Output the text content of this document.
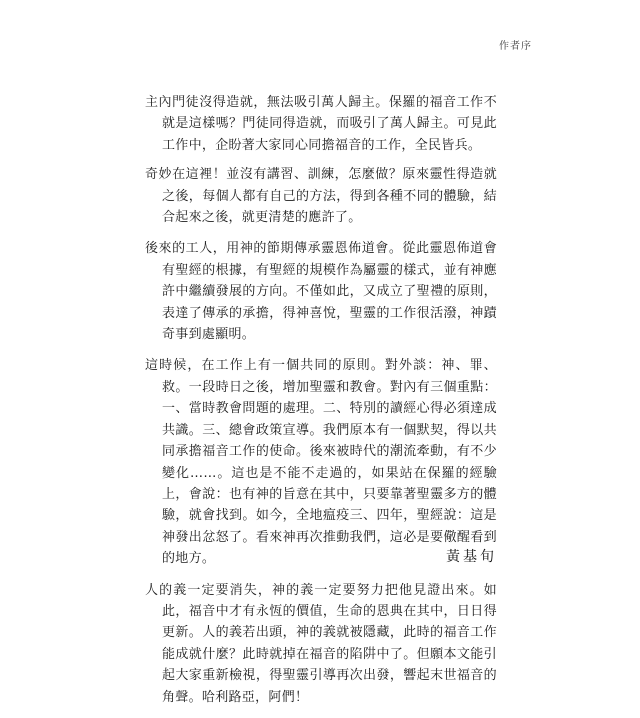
作者序

主內門徒沒得造就，無法吸引萬人歸主。保羅的福音工作不就是這樣嗎？門徒同得造就，而吸引了萬人歸主。可見此工作中，企盼著大家同心同擔福音的工作，全民皆兵。

奇妙在這裡！並沒有講習、訓練，怎麼做？原來靈性得造就之後，每個人都有自己的方法，得到各種不同的體驗，結合起來之後，就更清楚的應許了。

後來的工人，用神的節期傳承靈恩佈道會。從此靈恩佈道會有聖經的根據，有聖經的規模作為屬靈的樣式，並有神應許中繼續發展的方向。不僅如此，又成立了聖禮的原則，表達了傳承的承擔，得神喜悅，聖靈的工作很活潑，神蹟奇事到處顯明。

這時候，在工作上有一個共同的原則。對外談：神、罪、救。一段時日之後，增加聖靈和教會。對內有三個重點：一、當時教會問題的處理。二、特別的讀經心得必須達成共識。三、總會政策宣導。我們原本有一個默契，得以共同承擔福音工作的使命。後來被時代的潮流牽動，有不少變化……。這也是不能不走過的，如果站在保羅的經驗上，會說：也有神的旨意在其中，只要靠著聖靈多方的體驗，就會找到。如今，全地瘟疫三、四年，聖經說：這是神發出忿怒了。看來神再次推動我們，這必是要儆醒看到的地方。

人的義一定要消失，神的義一定要努力把他見證出來。如此，福音中才有永恆的價值，生命的恩典在其中，日日得更新。人的義若出頭，神的義就被隱藏，此時的福音工作能成就什麼？此時就掉在福音的陷阱中了。但願本文能引起大家重新檢視，得聖靈引導再次出發，響起末世福音的角聲。哈利路亞，阿們！

黃基旬
